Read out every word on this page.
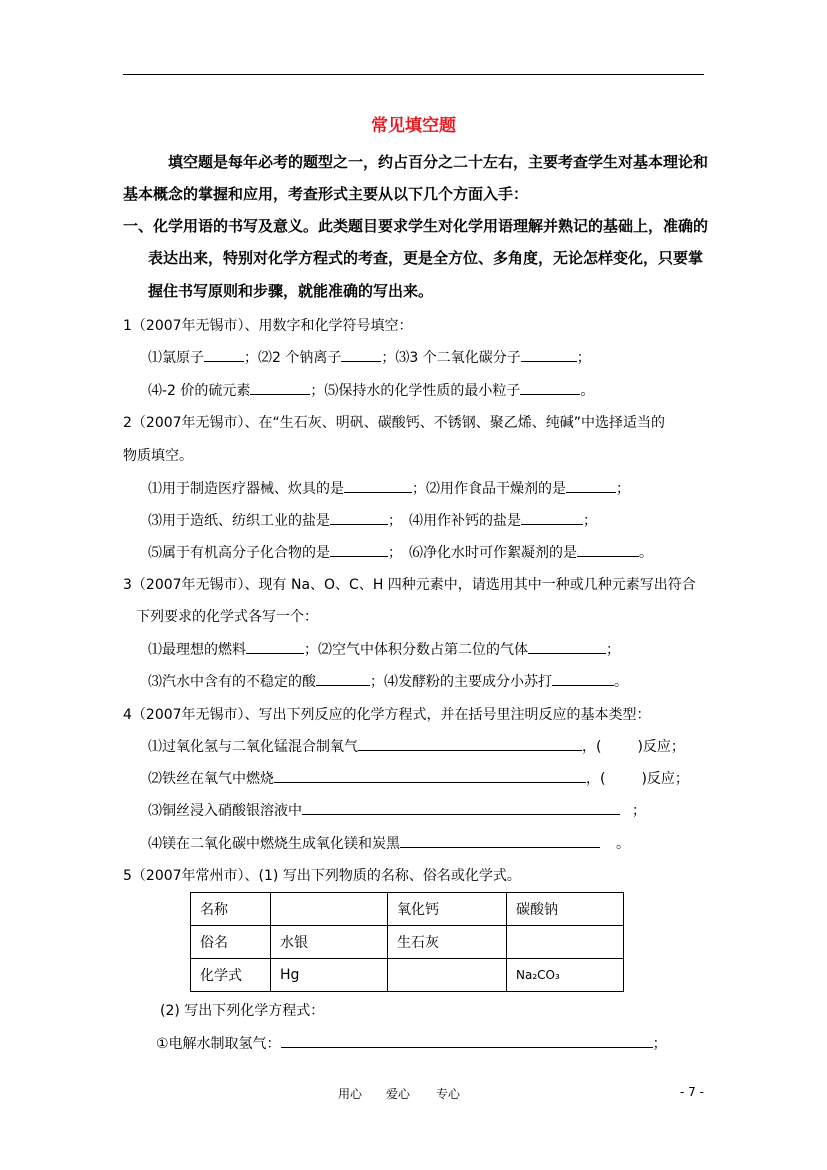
常见填空题
填空题是每年必考的题型之一，约占百分之二十左右，主要考查学生对基本理论和
基本概念的掌握和应用，考查形式主要从以下几个方面入手：
一、化学用语的书写及意义。此类题目要求学生对化学用语理解并熟记的基础上，准确的
表达出来，特别对化学方程式的考查，更是全方位、多角度，无论怎样变化，只要掌
握住书写原则和步骤，就能准确的写出来。
1（2007年无锡市）、用数字和化学符号填空：
⑴氯原子	；⑵2 个钠离子	；⑶3 个二氧化碳分子	；
⑷-2 价的硫元素	；⑸保持水的化学性质的最小粒子	。
2（2007年无锡市）、在“生石灰、明矾、碳酸钙、不锈钢、聚乙烯、纯碱”中选择适当的
物质填空。
⑴用于制造医疗器械、炊具的是	；⑵用作食品干燥剂的是	；
⑶用于造纸、纺织工业的盐是	；　⑷用作补钙的盐是	；
⑸属于有机高分子化合物的是	；　⑹净化水时可作絮凝剂的是	。
3（2007年无锡市）、现有 Na、O、C、H 四种元素中，请选用其中一种或几种元素写出符合
下列要求的化学式各写一个：
⑴最理想的燃料	；⑵空气中体积分数占第二位的气体	；
⑶汽水中含有的不稳定的酸	；⑷发酵粉的主要成分小苏打	。
4（2007年无锡市）、写出下列反应的化学方程式，并在括号里注明反应的基本类型：
⑴过氧化氢与二氧化锰混合制氧气	，(	)反应；
⑵铁丝在氧气中燃烧	，(	)反应；
⑶铜丝浸入硝酸银溶液中	；
⑷镁在二氧化碳中燃烧生成氧化镁和炭黑	。
5（2007年常州市）、(1) 写出下列物质的名称、俗名或化学式。
名称		氧化钙	碳酸钠
俗名	水银	生石灰	
化学式	Hg		Na₂CO₃
(2) 写出下列化学方程式：
①电解水制取氢气：	；
用心 爱心 专心	- 7 -
